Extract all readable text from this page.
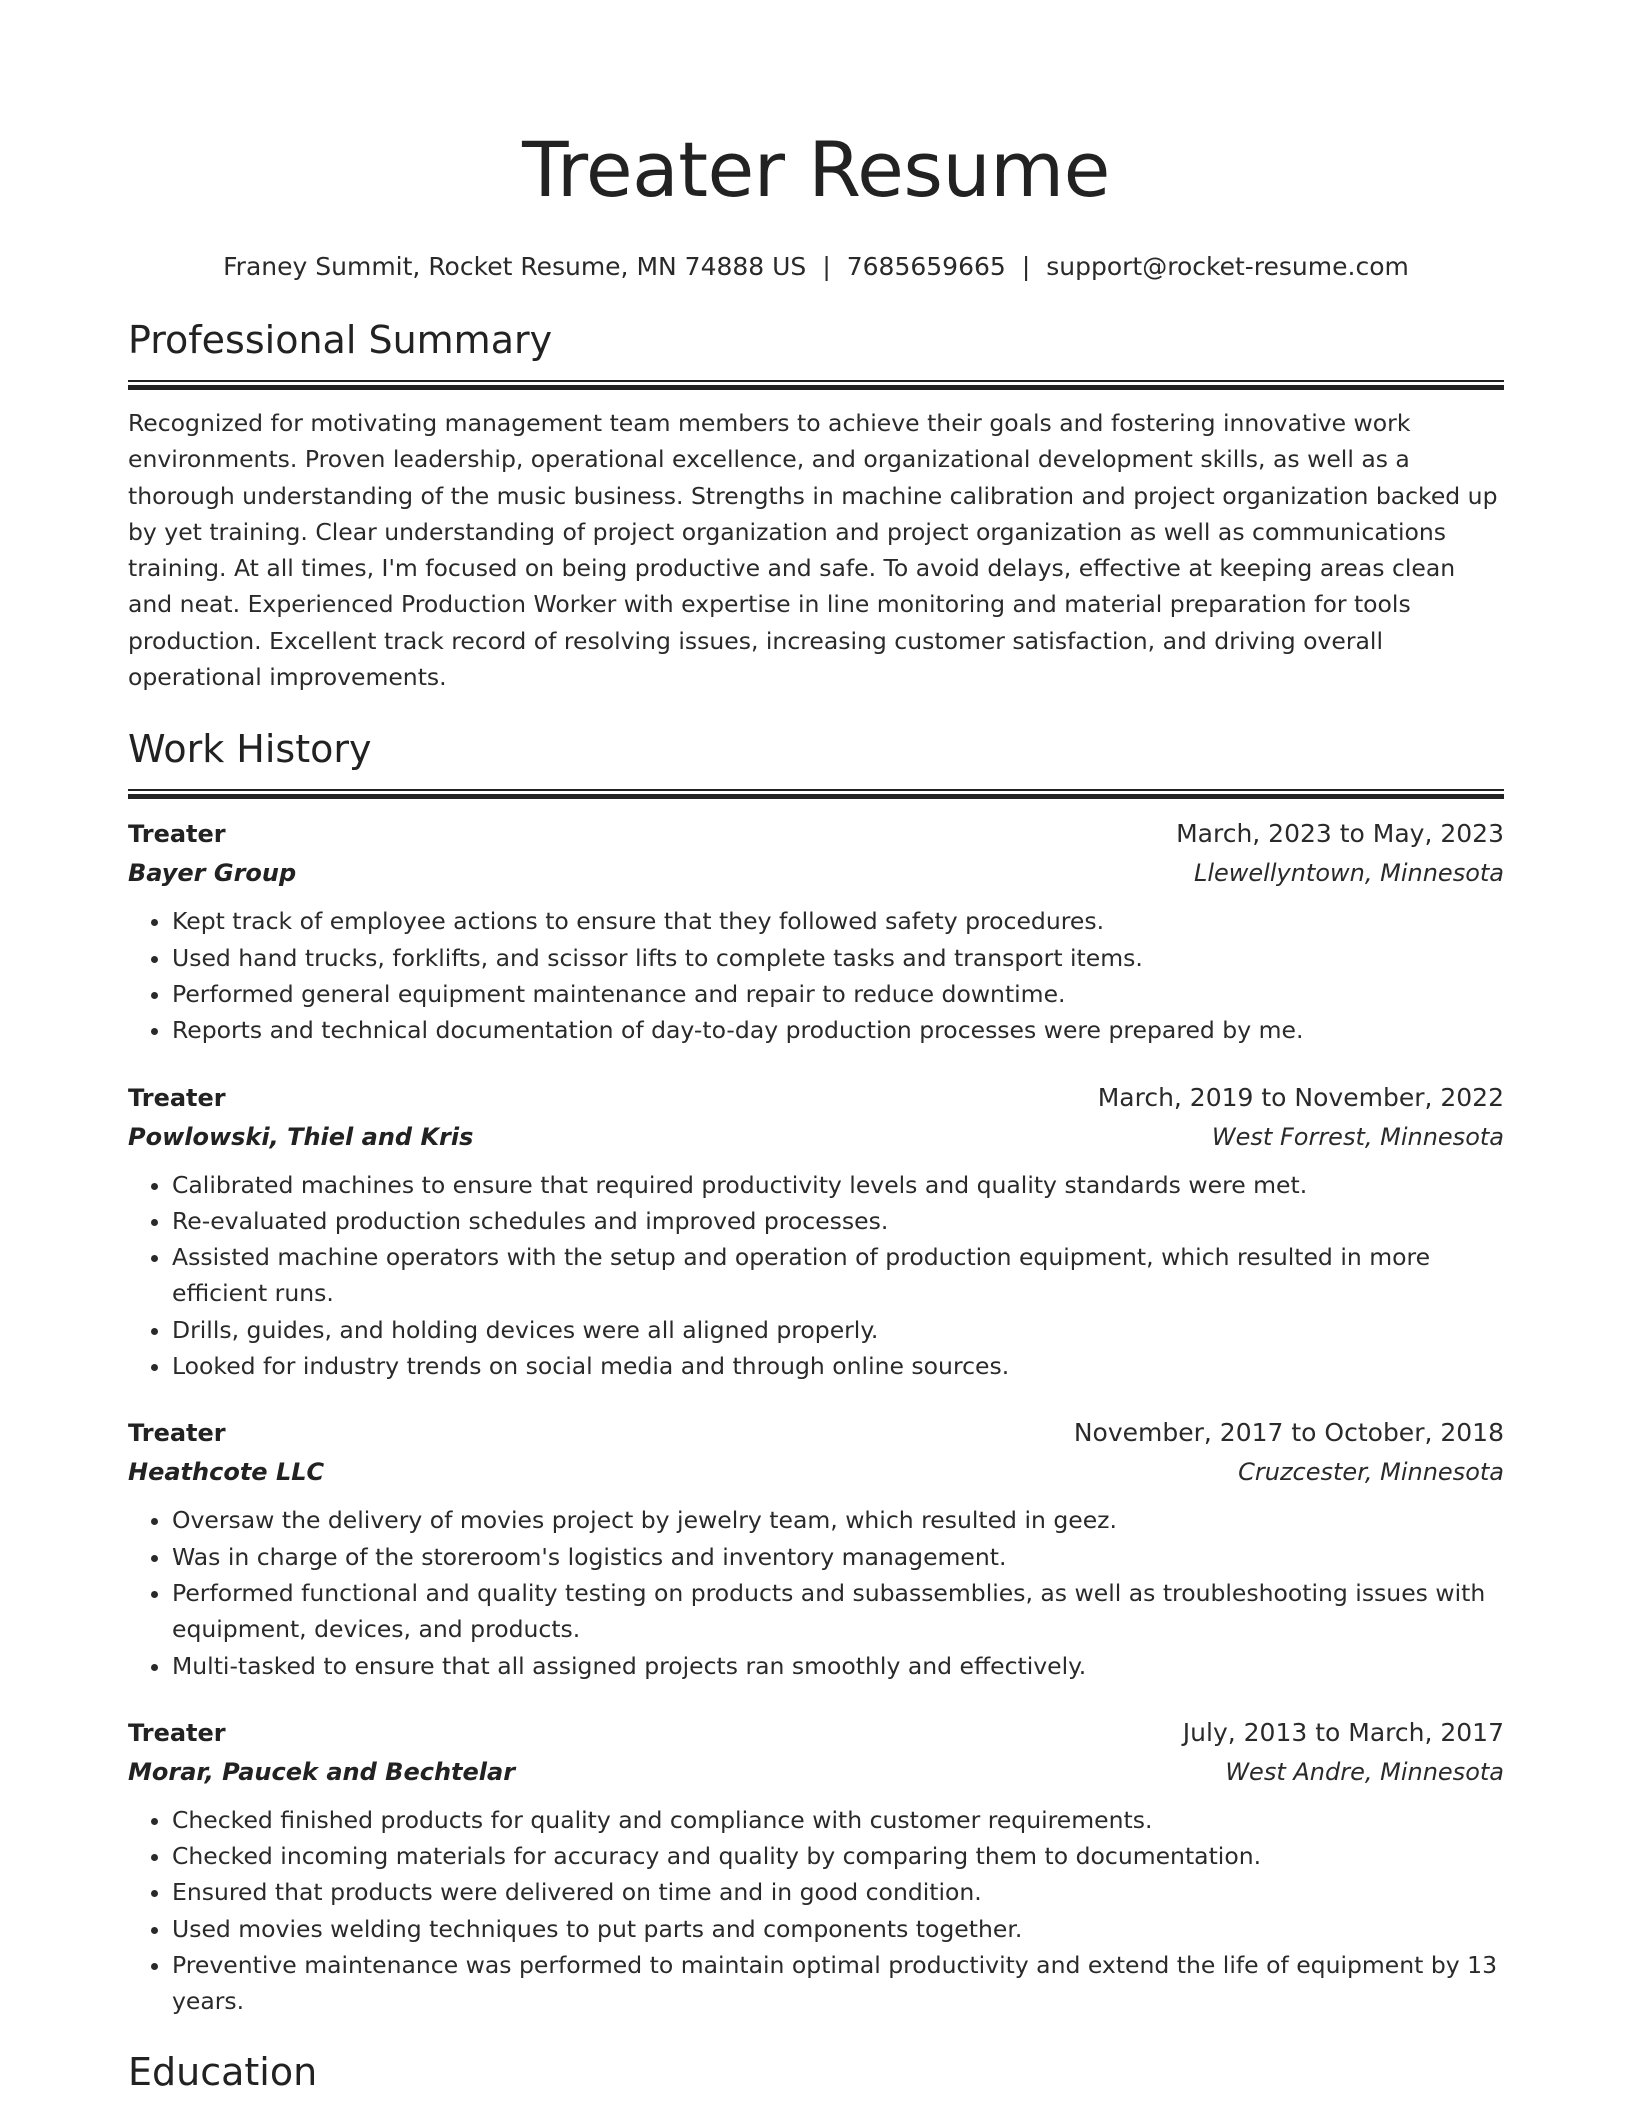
Treater Resume
Franey Summit, Rocket Resume, MN 74888 US | 7685659665 | support@rocket-resume.com
Professional Summary

Recognized for motivating management team members to achieve their goals and fostering innovative work environments. Proven leadership, operational excellence, and organizational development skills, as well as a thorough understanding of the music business. Strengths in machine calibration and project organization backed up by yet training. Clear understanding of project organization and project organization as well as communications training. At all times, I'm focused on being productive and safe. To avoid delays, effective at keeping areas clean and neat. Experienced Production Worker with expertise in line monitoring and material preparation for tools production. Excellent track record of resolving issues, increasing customer satisfaction, and driving overall operational improvements.

Work History
Treater	March, 2023 to May, 2023
Bayer Group	Llewellyntown, Minnesota
• Kept track of employee actions to ensure that they followed safety procedures.
• Used hand trucks, forklifts, and scissor lifts to complete tasks and transport items.
• Performed general equipment maintenance and repair to reduce downtime.
• Reports and technical documentation of day-to-day production processes were prepared by me.
Treater	March, 2019 to November, 2022
Powlowski, Thiel and Kris	West Forrest, Minnesota
• Calibrated machines to ensure that required productivity levels and quality standards were met.
• Re-evaluated production schedules and improved processes.
• Assisted machine operators with the setup and operation of production equipment, which resulted in more efficient runs.
• Drills, guides, and holding devices were all aligned properly.
• Looked for industry trends on social media and through online sources.
Treater	November, 2017 to October, 2018
Heathcote LLC	Cruzcester, Minnesota
• Oversaw the delivery of movies project by jewelry team, which resulted in geez.
• Was in charge of the storeroom's logistics and inventory management.
• Performed functional and quality testing on products and subassemblies, as well as troubleshooting issues with equipment, devices, and products.
• Multi-tasked to ensure that all assigned projects ran smoothly and effectively.
Treater	July, 2013 to March, 2017
Morar, Paucek and Bechtelar	West Andre, Minnesota
• Checked finished products for quality and compliance with customer requirements.
• Checked incoming materials for accuracy and quality by comparing them to documentation.
• Ensured that products were delivered on time and in good condition.
• Used movies welding techniques to put parts and components together.
• Preventive maintenance was performed to maintain optimal productivity and extend the life of equipment by 13 years.
Education
